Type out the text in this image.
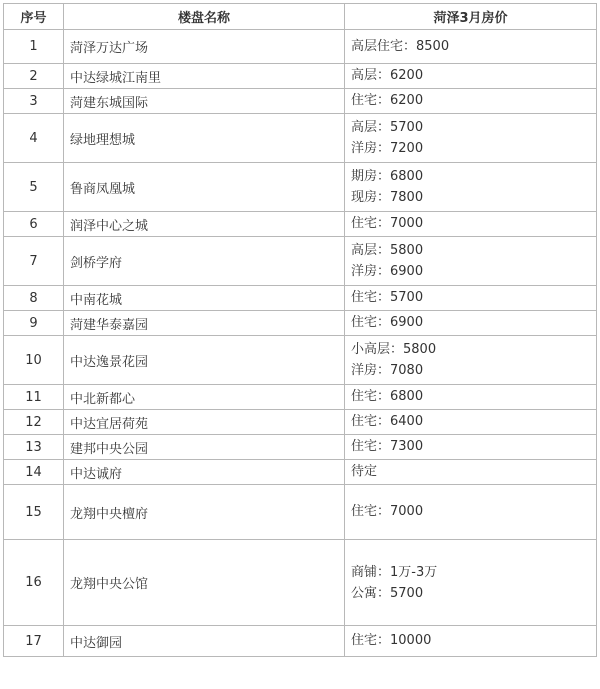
序号	楼盘名称	菏泽3月房价
1	菏泽万达广场	高层住宅：8500

2	中达绿城江南里	高层：6200

3	菏建东城国际	住宅：6200

4	绿地理想城	高层：5700
洋房：7200

5	鲁商凤凰城	期房：6800
现房：7800

6	润泽中心之城	住宅：7000

7	剑桥学府	高层：5800
洋房：6900

8	中南花城	住宅：5700

9	菏建华泰嘉园	住宅：6900

10	中达逸景花园	小高层：5800
洋房：7080

11	中北新都心	住宅：6800

12	中达宜居荷苑	住宅：6400

13	建邦中央公园	住宅：7300

14	中达诚府	待定

15	龙翔中央檀府	住宅：7000

16	龙翔中央公馆	商铺：1万-3万
公寓：5700

17	中达御园	住宅：10000
